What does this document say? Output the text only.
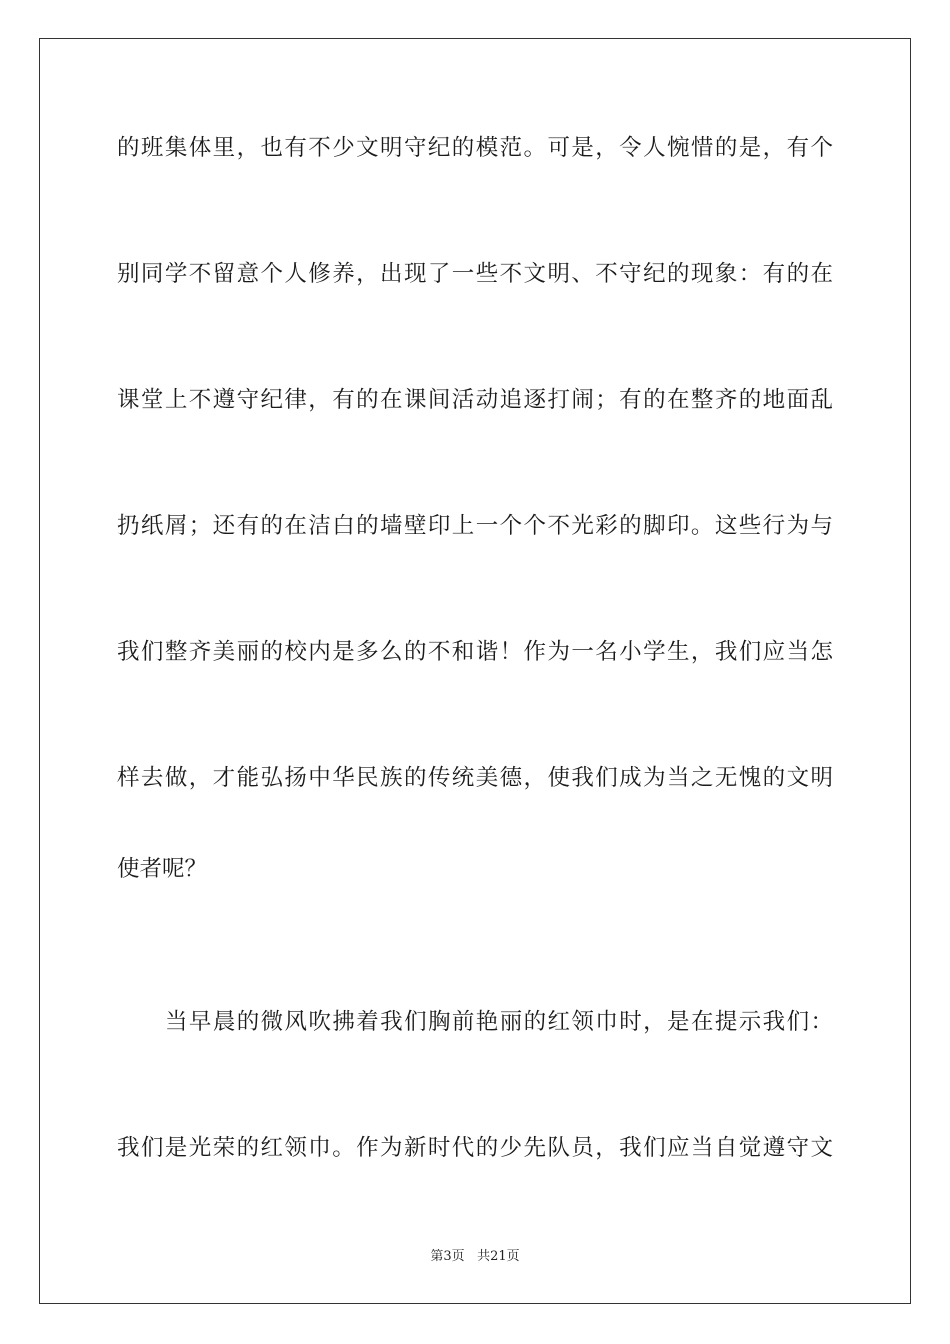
的班集体里，也有不少文明守纪的模范。可是，令人惋惜的是，有个
别同学不留意个人修养，出现了一些不文明、不守纪的现象：有的在
课堂上不遵守纪律，有的在课间活动追逐打闹；有的在整齐的地面乱
扔纸屑；还有的在洁白的墙壁印上一个个不光彩的脚印。这些行为与
我们整齐美丽的校内是多么的不和谐！作为一名小学生，我们应当怎
样去做，才能弘扬中华民族的传统美德，使我们成为当之无愧的文明
使者呢？
当早晨的微风吹拂着我们胸前艳丽的红领巾时，是在提示我们：
我们是光荣的红领巾。作为新时代的少先队员，我们应当自觉遵守文
第3页 共21页
